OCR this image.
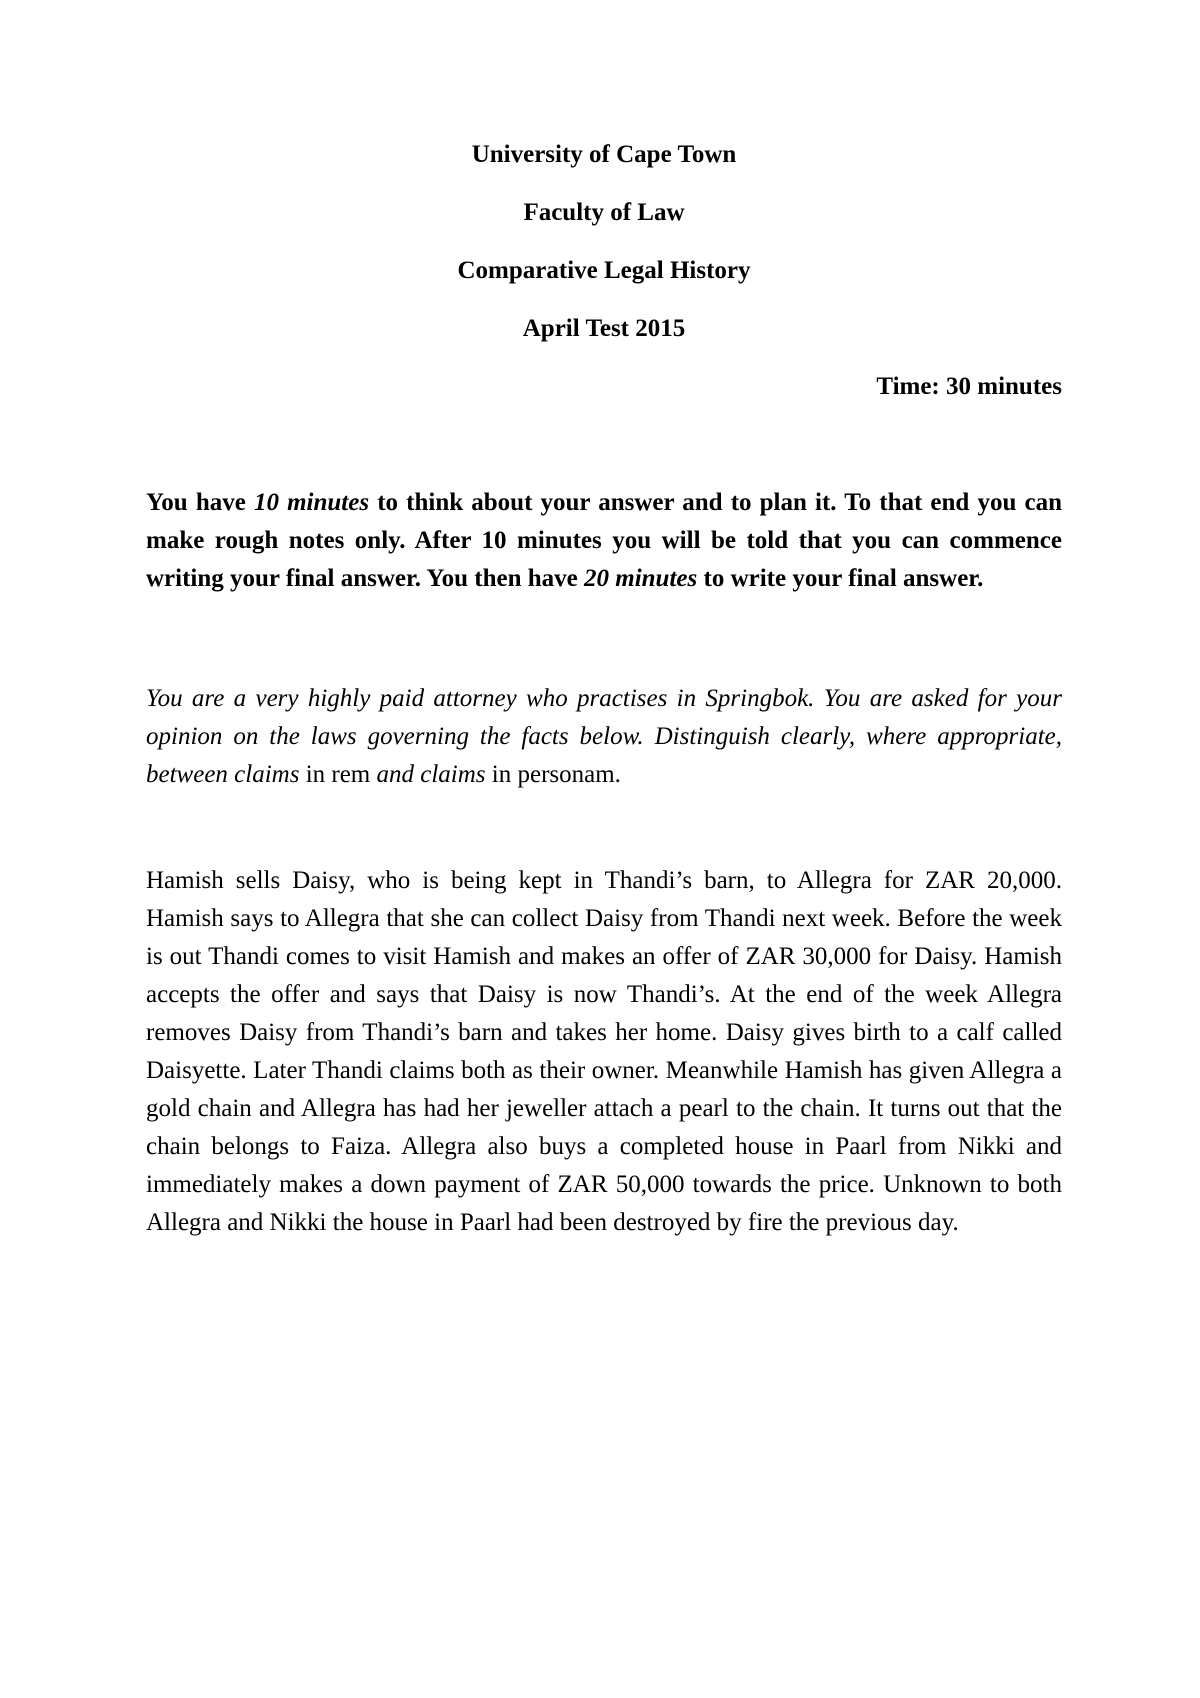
University of Cape Town

Faculty of Law

Comparative Legal History

April Test 2015

Time: 30 minutes

You have 10 minutes to think about your answer and to plan it. To that end you can make rough notes only. After 10 minutes you will be told that you can commence writing your final answer. You then have 20 minutes to write your final answer.

You are a very highly paid attorney who practises in Springbok. You are asked for your opinion on the laws governing the facts below. Distinguish clearly, where appropriate, between claims in rem and claims in personam.

Hamish sells Daisy, who is being kept in Thandi’s barn, to Allegra for ZAR 20,000. Hamish says to Allegra that she can collect Daisy from Thandi next week. Before the week is out Thandi comes to visit Hamish and makes an offer of ZAR 30,000 for Daisy. Hamish accepts the offer and says that Daisy is now Thandi’s. At the end of the week Allegra removes Daisy from Thandi’s barn and takes her home. Daisy gives birth to a calf called Daisyette. Later Thandi claims both as their owner. Meanwhile Hamish has given Allegra a gold chain and Allegra has had her jeweller attach a pearl to the chain. It turns out that the chain belongs to Faiza. Allegra also buys a completed house in Paarl from Nikki and immediately makes a down payment of ZAR 50,000 towards the price. Unknown to both Allegra and Nikki the house in Paarl had been destroyed by fire the previous day.
